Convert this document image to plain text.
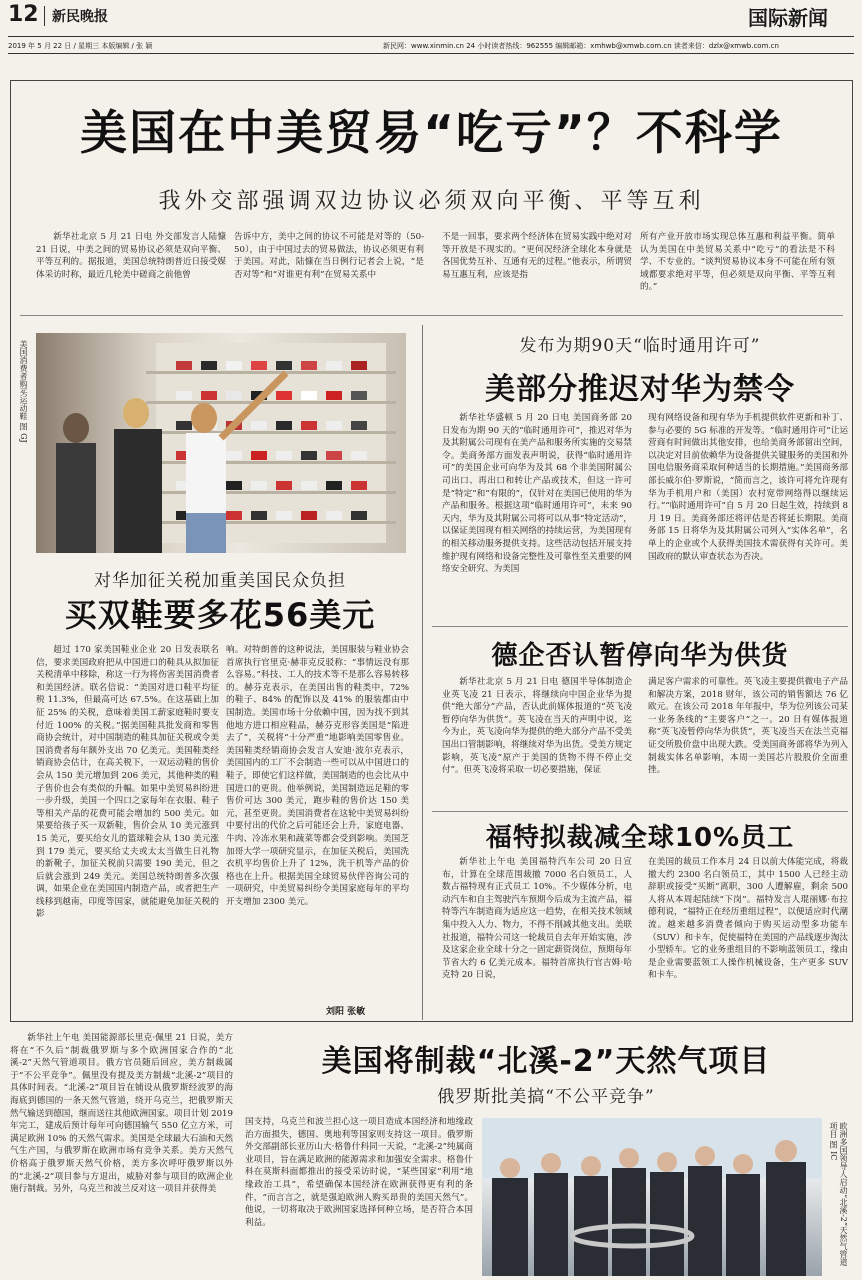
12 新民晚报	国际新闻
2019 年 5 月 22 日 / 星期三 本版编辑 / 张 颖	新民网：www.xinmin.cn 24 小时读者热线：962555 编辑邮箱：xmhwb@xmwb.com.cn 读者来信：dzlx@xmwb.com.cn
美国在中美贸易“吃亏”？不科学
我外交部强调双边协议必须双向平衡、平等互利
新华社北京 5 月 21 日电 外交部发言人陆慷 21 日说，中美之间的贸易协议必须是双向平衡、平等互利的。据报道，美国总统特朗普近日接受媒体采访时称，最近几轮美中磋商之前他曾
告诉中方，美中之间的协议不可能是对等的（50-50），由于中国过去的贸易做法，协议必须更有利于美国。对此，陆慷在当日例行记者会上说，“是否对等”和“对谁更有利”在贸易关系中
不是一回事，要求两个经济体在贸易实践中绝对对等开放是不现实的。“更何况经济全球化本身就是各国优势互补、互通有无的过程。”他表示，所谓贸易互惠互利，应该是指
所有产业开放市场实现总体互惠和利益平衡。简单认为美国在中美贸易关系中“吃亏”的看法是不科学、不专业的。“谈判贸易协议本身不可能在所有领域都要求绝对平等，但必须是双向平衡、平等互利的。”
美国消费者购买运动鞋 图 GJ
对华加征关税加重美国民众负担
买双鞋要多花56美元
超过 170 家美国鞋业企业 20 日发表联名信，要求美国政府把从中国进口的鞋具从拟加征关税清单中移除，称这一行为将伤害美国消费者和美国经济。联名信说：“美国对进口鞋平均征税 11.3%，但最高可达 67.5%。在这基础上加征 25% 的关税，意味着美国工薪家庭鞋时要支付近 100% 的关税。”据美国鞋具批发商和零售商协会统计，对中国制造的鞋具加征关税或令美国消费者每年额外支出 70 亿美元。美国鞋类经销商协会估计，在高关税下，一双运动鞋的售价会从 150 美元增加到 206 美元，其他种类的鞋子售价也会有类似的升幅。如果中美贸易纠纷进一步升级，美国一个四口之家每年在衣服、鞋子等相关产品的花费可能会增加约 500 美元。如果要给孩子买一双新鞋，售价会从 10 美元涨到 15 美元，要买给女儿的篮球鞋会从 130 美元涨到 179 美元，要买给丈夫或太太当做生日礼物的新靴子，加征关税前只需要 190 美元，但之后就会涨到 249 美元。美国总统特朗普多次强调，如果企业在美国国内制造产品，或者把生产线移到越南，印度等国家，就能避免加征关税的影
响。对特朗普的这种说法，美国服装与鞋业协会首席执行官里克·赫菲克反驳称：“事情远没有那么容易。”科技、工人的技术等不是那么容易转移的。赫芬克表示，在美国出售的鞋类中，72% 的鞋子、84% 的配饰以及 41% 的服装都由中国制造。美国市场十分依赖中国，因为找不到其他地方进口相应鞋品，赫芬克形容美国是“陷进去了”，关税将“十分严重”地影响美国零售业。美国鞋类经销商协会发言人安迪·波尔克表示，美国国内的工厂不会制造一些可以从中国进口的鞋子，即使它们这样做，美国制造的也会比从中国进口的更贵。他举例说，美国制造远足鞋的零售价可达 300 美元，跑步鞋的售价达 150 美元，甚至更贵。美国消费者在这轮中美贸易纠纷中要付出的代价之后可能还会上升，家庭电器、牛肉、冷冻水果和蔬菜等都会受到影响。美国芝加哥大学一项研究显示，在加征关税后，美国洗衣机平均售价上升了 12%，洗干机等产品的价格也在上升。根据美国全球贸易伙伴咨询公司的一项研究，中美贸易纠纷令美国家庭每年的平均开支增加 2300 美元。
刘阳 张敏
发布为期90天“临时通用许可”
美部分推迟对华为禁令
新华社华盛顿 5 月 20 日电 美国商务部 20 日发布为期 90 天的“临时通用许可”，推迟对华为及其附属公司现有在美产品和服务所实施的交易禁令。美商务部方面发表声明说，获得“临时通用许可”的美国企业可向华为及其 68 个非美国附属公司出口、再出口和转让产品或技术，但这一许可是“特定”和“有限的”，仅针对在美国已使用的华为产品和服务。根据这项“临时通用许可”，未来 90 天内，华为及其附属公司将可以从事“特定活动”，以保证美国现有相关网络的持续运营，为美国现有的相关移动服务提供支持。这些活动包括开展支持维护现有网络和设备完整性及可靠性至关重要的网络安全研究、为美国
现有网络设备和现有华为手机提供软件更新和补丁、参与必要的 5G 标准的开发等。“临时通用许可”让运营商有时间做出其他安排，也给美商务部留出空间，以决定对目前依赖华为设备提供关键服务的美国和外国电信服务商采取何种适当的长期措施。”美国商务部部长威尔伯·罗斯说，“简而言之，该许可将允许现有华为手机用户和（美国）农村宽带网络得以继续运行。”“临时通用许可”自 5 月 20 日起生效，持续到 8 月 19 日。美商务部还将评估是否将延长期限。美商务部 15 日将华为及其附属公司列入“实体名单”，名单上的企业或个人获得美国技术需获得有关许可。美国政府的默认审查状态为否决。
德企否认暂停向华为供货
新华社北京 5 月 21 日电 德国半导体制造企业英飞凌 21 日表示，将继续向中国企业华为提供“绝大部分”产品，否认此前媒体报道的“英飞凌暂停向华为供货”。英飞凌在当天的声明中说，迄今为止，英飞凌向华为提供的绝大部分产品不受美国出口管制影响，将继续对华为出货。受美方规定影响，英飞凌“原产于美国的货物不得不停止交付”。但英飞凌将采取一切必要措施，保证
满足客户需求的可靠性。英飞凌主要提供微电子产品和解决方案，2018 财年，该公司的销售额达 76 亿欧元。在该公司 2018 年年报中，华为位列该公司某一业务条线的“主要客户”之一。20 日有媒体报道称“英飞凌暂停向华为供货”，英飞凌当天在法兰克福证交所股价盘中出现大跌。受美国商务部将华为列入制裁实体名单影响，本周一美国芯片股股价全面重挫。
福特拟裁减全球10%员工
新华社上午电 美国福特汽车公司 20 日宣布，计算在全球范围裁撤 7000 名白领员工，人数占福特现有正式员工 10%。不少媒体分析，电动汽车和自主驾驶汽车预期今后成为主流产品，福特等汽车制造商为适应这一趋势，在相关技术领域集中投入人力、物力，不得不削减其他支出。美联社报道，福特公司这一轮裁员自去年开始实施，涉及这家企业全球十分之一固定薪资岗位，预期每年节省大约 6 亿美元成本。福特首席执行官吉姆·哈克特 20 日说，
在美国的裁员工作本月 24 日以前大体能完成，将裁撤大约 2300 名白领员工，其中 1500 人已经主动辞职或接受“买断”离职，300 人遭解雇，剩余 500 人将从本周起陆续“下岗”。福特发言人琨丽娜·布拉德利说，“福特正在经历重组过程”，以便适应时代潮流。越来越多消费者倾向于购买运动型多功能车（SUV）和卡车，促使福特在美国的产品线逐步淘汰小型轿车。它的业务重组目的不影响蓝领员工，缘由是企业需要蓝领工人操作机械设备，生产更多 SUV 和卡车。
新华社上午电 美国能源部长里克·佩里 21 日说，美方将在“不久后”制裁俄罗斯与多个欧洲国家合作的“北溪-2”天然气管道项目。俄方官员随后回应，美方制裁属于“不公平竞争”。佩里没有提及美方制裁“北溪-2”项目的具体时间表。“北溪-2”项目旨在铺设从俄罗斯经波罗的海海底到德国的一条天然气管道，绕开乌克兰，把俄罗斯天然气输送到德国，继而送往其他欧洲国家。项目计划 2019 年完工，建成后预计每年可向德国输气 550 亿立方米，可满足欧洲 10% 的天然气需求。美国是全球最大石油和天然气生产国，与俄罗斯在欧洲市场有竞争关系。美方天然气价格高于俄罗斯天然气价格，美方多次呼吁俄罗斯以外的“北溪-2”项目参与方退出，威胁对参与项目的欧洲企业施行制裁。另外，乌克兰和波兰反对这一项目并获得美
美国将制裁“北溪-2”天然气项目
俄罗斯批美搞“不公平竞争”
国支持，乌克兰和波兰担心这一项目造成本国经济和地缘政治方面损失，德国、奥地利等国家则支持这一项目。俄罗斯外交部副部长亚历山大·格鲁什科同一天说，“北溪-2”纯属商业项目，旨在满足欧洲的能源需求和加强安全需求。格鲁什科在莫斯科面都推出的接受采访时说，“某些国家”利用“地缘政治工具”，希望确保本国经济在欧洲获得更有利的条件，“而言言之，就是强迫欧洲人购买昂贵的美国天然气”。他说，一切将取决于欧洲国家选择何种立场，是否符合本国利益。	欧洲多国领导人启动“北溪-2”天然气管道项目 图 IC
